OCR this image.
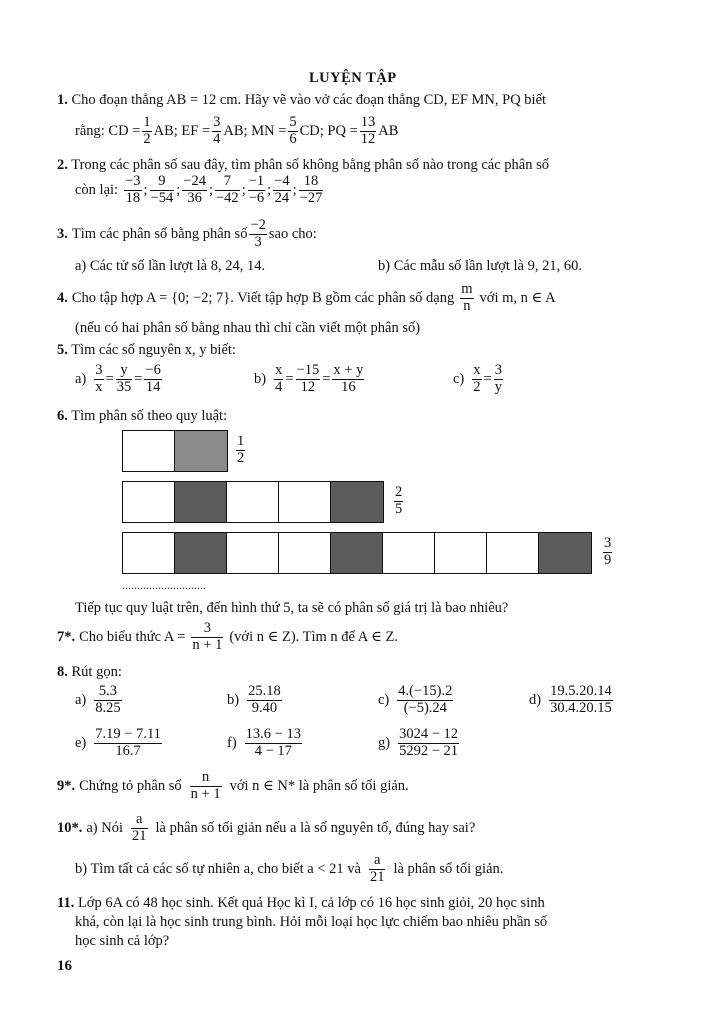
LUYỆN TẬP
1. Cho đoạn thẳng AB = 12 cm. Hãy vẽ vào vở các đoạn thẳng CD, EF MN, PQ biết
rằng: CD = $\frac{1}{2}$ AB; EF = $\frac{3}{4}$ AB; MN = $\frac{5}{6}$ CD; PQ = $\frac{13}{12}$ AB
2. Trong các phân số sau đây, tìm phân số không bằng phân số nào trong các phân số
còn lại: $\frac{-3}{18}$ ; $\frac{9}{-54}$ ; $\frac{-24}{36}$ ; $\frac{7}{-42}$ ; $\frac{-1}{-6}$ ; $\frac{-4}{24}$ ; $\frac{18}{-27}$
3. Tìm các phân số bằng phân số $\frac{-2}{3}$ sao cho:
a) Các tử số lần lượt là 8, 24, 14.	b) Các mẫu số lần lượt là 9, 21, 60.
4. Cho tập hợp A = {0; −2; 7}. Viết tập hợp B gồm các phân số dạng $\frac{m}{n}$ với m, n ∈ A
(nếu có hai phân số bằng nhau thì chỉ cần viết một phân số)
5. Tìm các số nguyên x, y biết:
$a) \frac{3}{x} = \frac{y}{35} = \frac{-6}{14}$	$b) \frac{x}{4} = \frac{-15}{12} = \frac{x + y}{16}$	$c) \frac{x}{2} = \frac{3}{y}$
6. Tìm phân số theo quy luật:
$\frac{1}{2}$
$\frac{2}{5}$
$\frac{3}{9}$
............................
Tiếp tục quy luật trên, đến hình thứ 5, ta sẽ có phân số giá trị là bao nhiêu?
7*. Cho biểu thức $A = \frac{3}{n + 1}$ (với n ∈ Z). Tìm n để A ∈ Z.
8. Rút gọn:
$a) \frac{5.3}{8.25}$	$b) \frac{25.18}{9.40}$	$c) \frac{4.(-15).2}{(-5).24}$	$d) \frac{19.5.20.14}{30.4.20.15}$
$e) \frac{7.19 - 7.11}{16.7}$	$f) \frac{13.6 - 13}{4 - 17}$	$g) \frac{3024 - 12}{5292 - 21}$
9*. Chứng tỏ phân số $\frac{n}{n + 1}$ với n ∈ N* là phân số tối giản.
10*. a) Nói $\frac{a}{21}$ là phân số tối giản nếu a là số nguyên tố, đúng hay sai?
b) Tìm tất cả các số tự nhiên a, cho biết a < 21 và $\frac{a}{21}$ là phân số tối giản.
11. Lớp 6A có 48 học sinh. Kết quả Học kì I, cả lớp có 16 học sinh giỏi, 20 học sinh
khá, còn lại là học sinh trung bình. Hỏi mỗi loại học lực chiếm bao nhiêu phần số
học sinh cả lớp?
16
